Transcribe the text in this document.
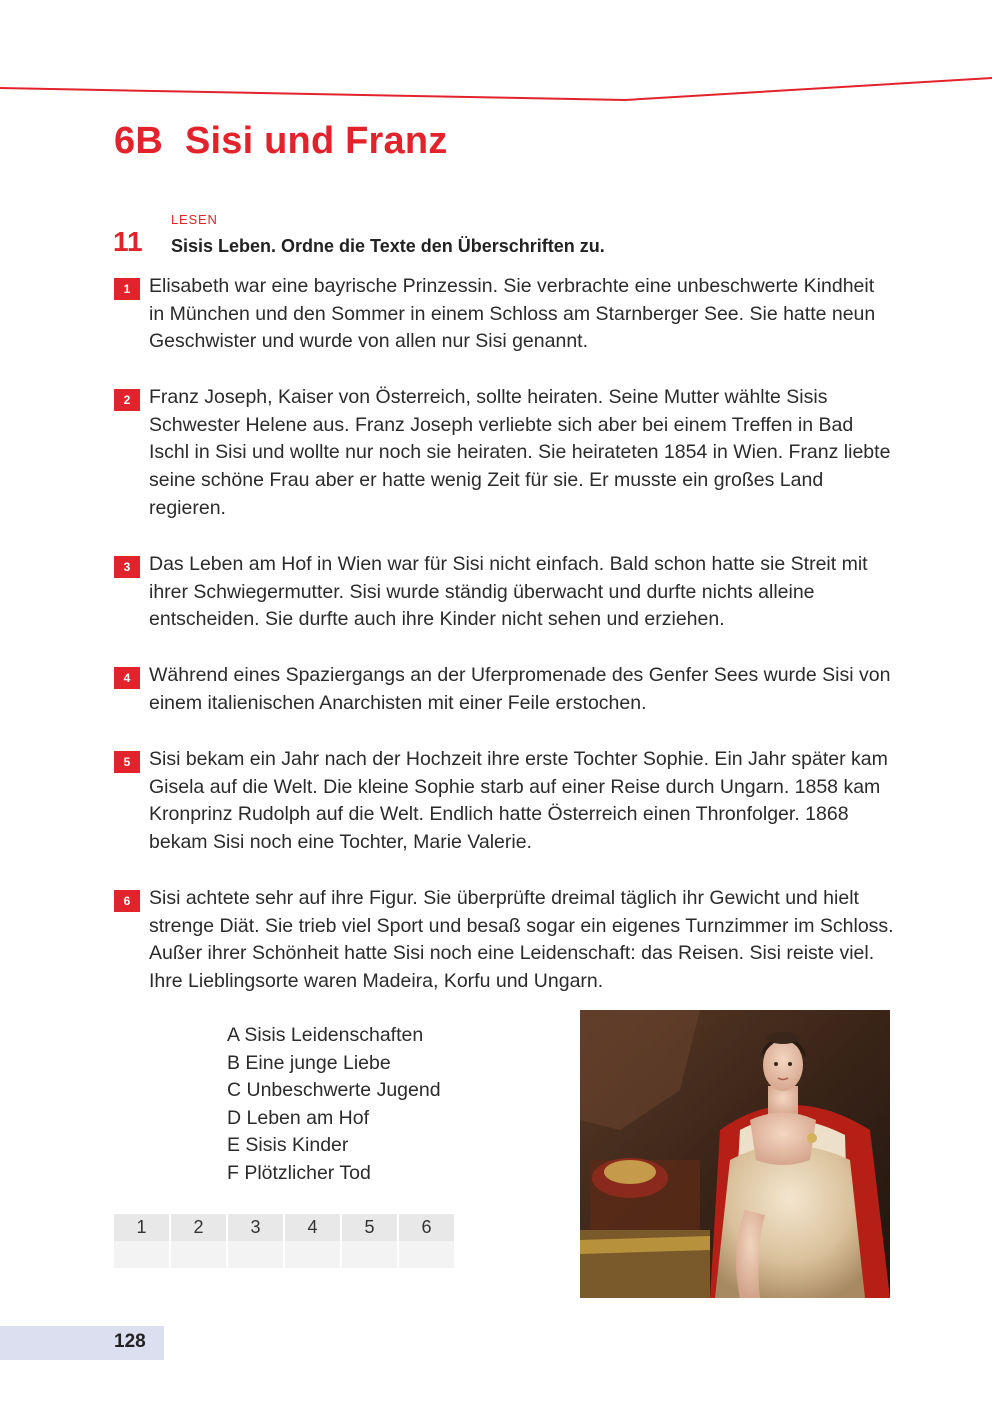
6B Sisi und Franz
LESEN
11 Sisis Leben. Ordne die Texte den Überschriften zu.
1 Elisabeth war eine bayrische Prinzessin. Sie verbrachte eine unbeschwerte Kindheit in München und den Sommer in einem Schloss am Starnberger See. Sie hatte neun Geschwister und wurde von allen nur Sisi genannt.
2 Franz Joseph, Kaiser von Österreich, sollte heiraten. Seine Mutter wählte Sisis Schwester Helene aus. Franz Joseph verliebte sich aber bei einem Treffen in Bad Ischl in Sisi und wollte nur noch sie heiraten. Sie heirateten 1854 in Wien. Franz liebte seine schöne Frau aber er hatte wenig Zeit für sie. Er musste ein großes Land regieren.
3 Das Leben am Hof in Wien war für Sisi nicht einfach. Bald schon hatte sie Streit mit ihrer Schwiegermutter. Sisi wurde ständig überwacht und durfte nichts alleine entscheiden. Sie durfte auch ihre Kinder nicht sehen und erziehen.
4 Während eines Spaziergangs an der Uferpromenade des Genfer Sees wurde Sisi von einem italienischen Anarchisten mit einer Feile erstochen.
5 Sisi bekam ein Jahr nach der Hochzeit ihre erste Tochter Sophie. Ein Jahr später kam Gisela auf die Welt. Die kleine Sophie starb auf einer Reise durch Ungarn. 1858 kam Kronprinz Rudolph auf die Welt. Endlich hatte Österreich einen Thronfolger. 1868 bekam Sisi noch eine Tochter, Marie Valerie.
6 Sisi achtete sehr auf ihre Figur. Sie überprüfte dreimal täglich ihr Gewicht und hielt strenge Diät. Sie trieb viel Sport und besaß sogar ein eigenes Turnzimmer im Schloss. Außer ihrer Schönheit hatte Sisi noch eine Leidenschaft: das Reisen. Sisi reiste viel. Ihre Lieblingsorte waren Madeira, Korfu und Ungarn.
A Sisis Leidenschaften
B Eine junge Liebe
C Unbeschwerte Jugend
D Leben am Hof
E Sisis Kinder
F Plötzlicher Tod
1	2	3	4	5	6

128
